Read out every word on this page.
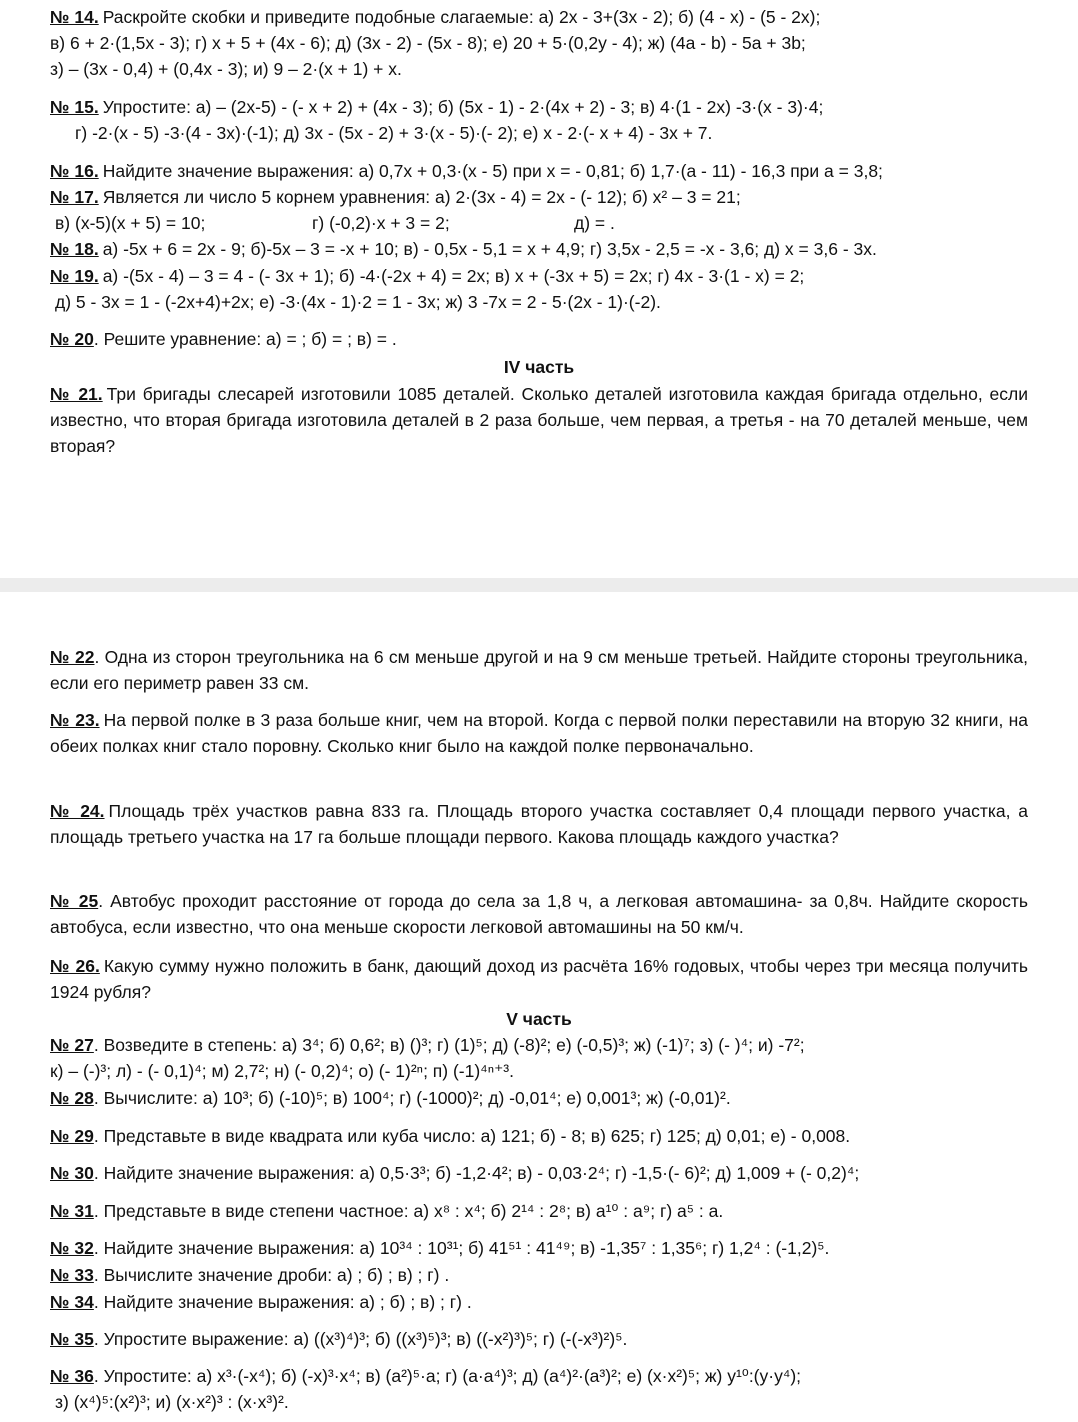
№ 14. Раскройте скобки и приведите подобные слагаемые: а) 2x - 3+(3x - 2); б) (4 - x) - (5 - 2x);
в) 6 + 2·(1,5x - 3); г) x + 5 + (4x - 6); д) (3x - 2) - (5x - 8); е) 20 + 5·(0,2y - 4); ж) (4a - b) - 5a + 3b;
з) – (3x - 0,4) + (0,4x - 3); и) 9 – 2·(x + 1) + x.
№ 15. Упростите: а) – (2x-5) - (- x + 2) + (4x - 3); б) (5x - 1) - 2·(4x + 2) - 3; в) 4·(1 - 2x) -3·(x - 3)·4;
г) -2·(x - 5) -3·(4 - 3x)·(-1); д) 3x - (5x - 2) + 3·(x - 5)·(- 2); е) x - 2·(- x + 4) - 3x + 7.
№ 16. Найдите значение выражения: а) 0,7x + 0,3·(x - 5) при x = - 0,81; б) 1,7·(a - 11) - 16,3 при a = 3,8;
№ 17. Является ли число 5 корнем уравнения: а) 2·(3x - 4) = 2x - (- 12); б) x² – 3 = 21;
в) (x-5)(x + 5) = 10;	г) (-0,2)·x + 3 = 2;	д) = .
№ 18. а) -5x + 6 = 2x - 9; б)-5x – 3 = -x + 10; в) - 0,5x - 5,1 = x + 4,9; г) 3,5x - 2,5 = -x - 3,6; д) x = 3,6 - 3x.
№ 19. а) -(5x - 4) – 3 = 4 - (- 3x + 1); б) -4·(-2x + 4) = 2x; в) x + (-3x + 5) = 2x; г) 4x - 3·(1 - x) = 2;
д) 5 - 3x = 1 - (-2x+4)+2x; е) -3·(4x - 1)·2 = 1 - 3x; ж) 3 -7x = 2 - 5·(2x - 1)·(-2).
№ 20. Решите уравнение: а) = ; б) = ; в) = .
IV часть
№ 21. Три бригады слесарей изготовили 1085 деталей. Сколько деталей изготовила каждая бригада отдельно, если известно, что вторая бригада изготовила деталей в 2 раза больше, чем первая, а третья - на 70 деталей меньше, чем вторая?
№ 22. Одна из сторон треугольника на 6 см меньше другой и на 9 см меньше третьей. Найдите стороны треугольника, если его периметр равен 33 см.
№ 23. На первой полке в 3 раза больше книг, чем на второй. Когда с первой полки переставили на вторую 32 книги, на обеих полках книг стало поровну. Сколько книг было на каждой полке первоначально.
№ 24. Площадь трёх участков равна 833 га. Площадь второго участка составляет 0,4 площади первого участка, а площадь третьего участка на 17 га больше площади первого. Какова площадь каждого участка?
№ 25. Автобус проходит расстояние от города до села за 1,8 ч, а легковая автомашина- за 0,8ч. Найдите скорость автобуса, если известно, что она меньше скорости легковой автомашины на 50 км/ч.
№ 26. Какую сумму нужно положить в банк, дающий доход из расчёта 16% годовых, чтобы через три месяца получить 1924 рубля?
V часть
№ 27. Возведите в степень: а) 3⁴; б) 0,6²; в) ()³; г) (1)⁵; д) (-8)²; е) (-0,5)³; ж) (-1)⁷; з) (- )⁴; и) -7²;
к) – (-)³; л) - (- 0,1)⁴; м) 2,7²; н) (- 0,2)⁴; о) (- 1)²ⁿ; п) (-1)⁴ⁿ⁺³.
№ 28. Вычислите: а) 10³; б) (-10)⁵; в) 100⁴; г) (-1000)²; д) -0,01⁴; е) 0,001³; ж) (-0,01)².
№ 29. Представьте в виде квадрата или куба число: а) 121; б) - 8; в) 625; г) 125; д) 0,01; е) - 0,008.
№ 30. Найдите значение выражения: а) 0,5·3³; б) -1,2·4²; в) - 0,03·2⁴; г) -1,5·(- 6)²; д) 1,009 + (- 0,2)⁴;
№ 31. Представьте в виде степени частное: а) x⁸ : x⁴; б) 2¹⁴ : 2⁸; в) a¹⁰ : a⁹; г) a⁵ : a.
№ 32. Найдите значение выражения: а) 10³⁴ : 10³¹; б) 41⁵¹ : 41⁴⁹; в) -1,35⁷ : 1,35⁶; г) 1,2⁴ : (-1,2)⁵.
№ 33. Вычислите значение дроби: а) ; б) ; в) ; г) .
№ 34. Найдите значение выражения: а) ; б) ; в) ; г) .
№ 35. Упростите выражение: а) ((x³)⁴)³; б) ((x³)⁵)³; в) ((-x²)³)⁵; г) (-(-x³)²)⁵.
№ 36. Упростите: а) x³·(-x⁴); б) (-x)³·x⁴; в) (a²)⁵·a; г) (a·a⁴)³; д) (a⁴)²·(a³)²; е) (x·x²)⁵; ж) y¹⁰:(y·y⁴);
з) (x⁴)⁵:(x²)³; и) (x·x²)³ : (x·x³)².
